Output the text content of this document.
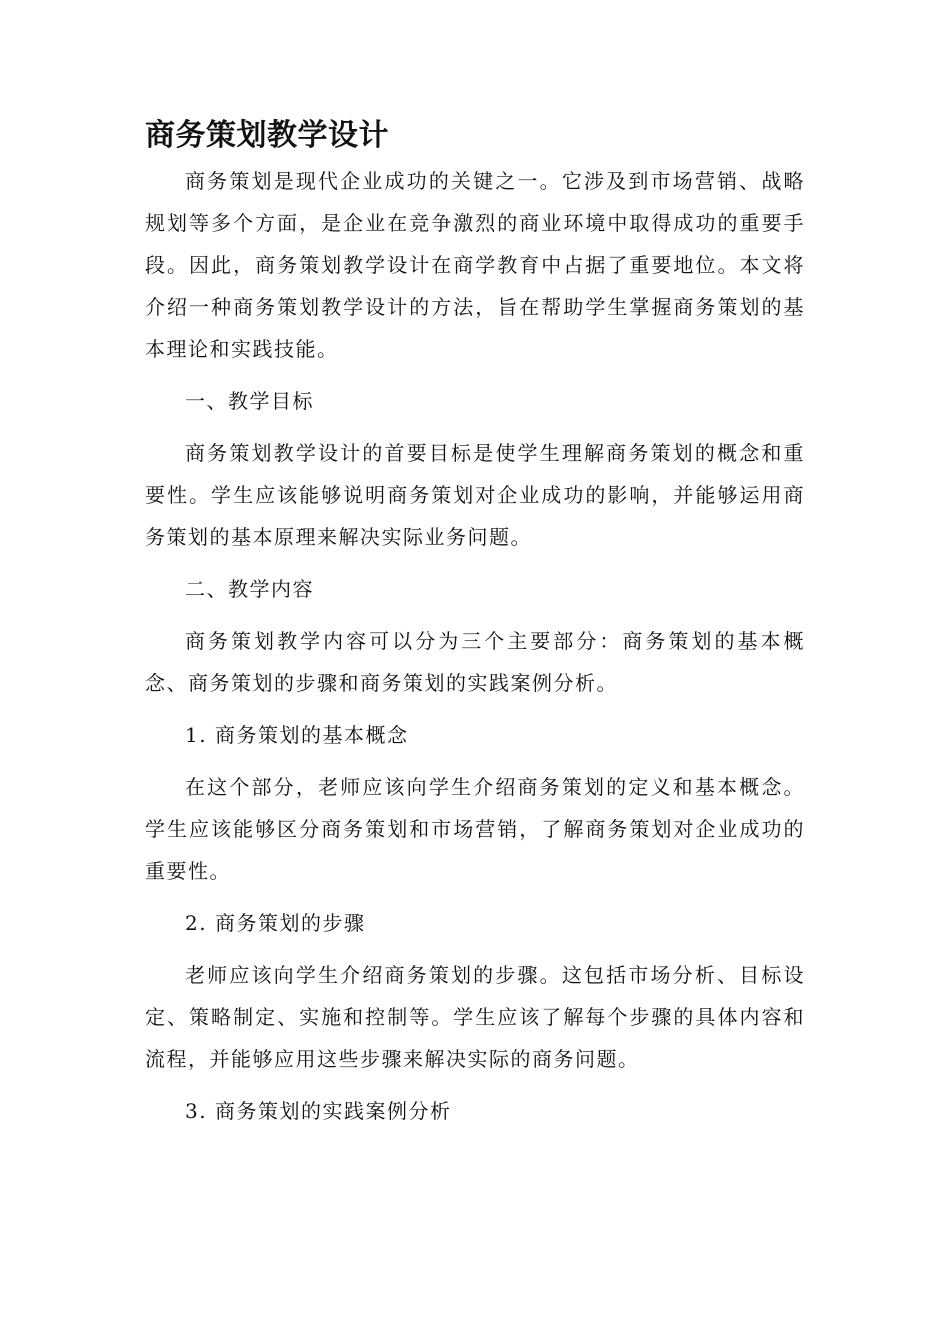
商务策划教学设计

商务策划是现代企业成功的关键之一。它涉及到市场营销、战略规划等多个方面，是企业在竞争激烈的商业环境中取得成功的重要手段。因此，商务策划教学设计在商学教育中占据了重要地位。本文将介绍一种商务策划教学设计的方法，旨在帮助学生掌握商务策划的基本理论和实践技能。

一、教学目标

商务策划教学设计的首要目标是使学生理解商务策划的概念和重要性。学生应该能够说明商务策划对企业成功的影响，并能够运用商务策划的基本原理来解决实际业务问题。

二、教学内容

商务策划教学内容可以分为三个主要部分：商务策划的基本概念、商务策划的步骤和商务策划的实践案例分析。

1. 商务策划的基本概念

在这个部分，老师应该向学生介绍商务策划的定义和基本概念。学生应该能够区分商务策划和市场营销，了解商务策划对企业成功的重要性。

2. 商务策划的步骤

老师应该向学生介绍商务策划的步骤。这包括市场分析、目标设定、策略制定、实施和控制等。学生应该了解每个步骤的具体内容和流程，并能够应用这些步骤来解决实际的商务问题。

3. 商务策划的实践案例分析
